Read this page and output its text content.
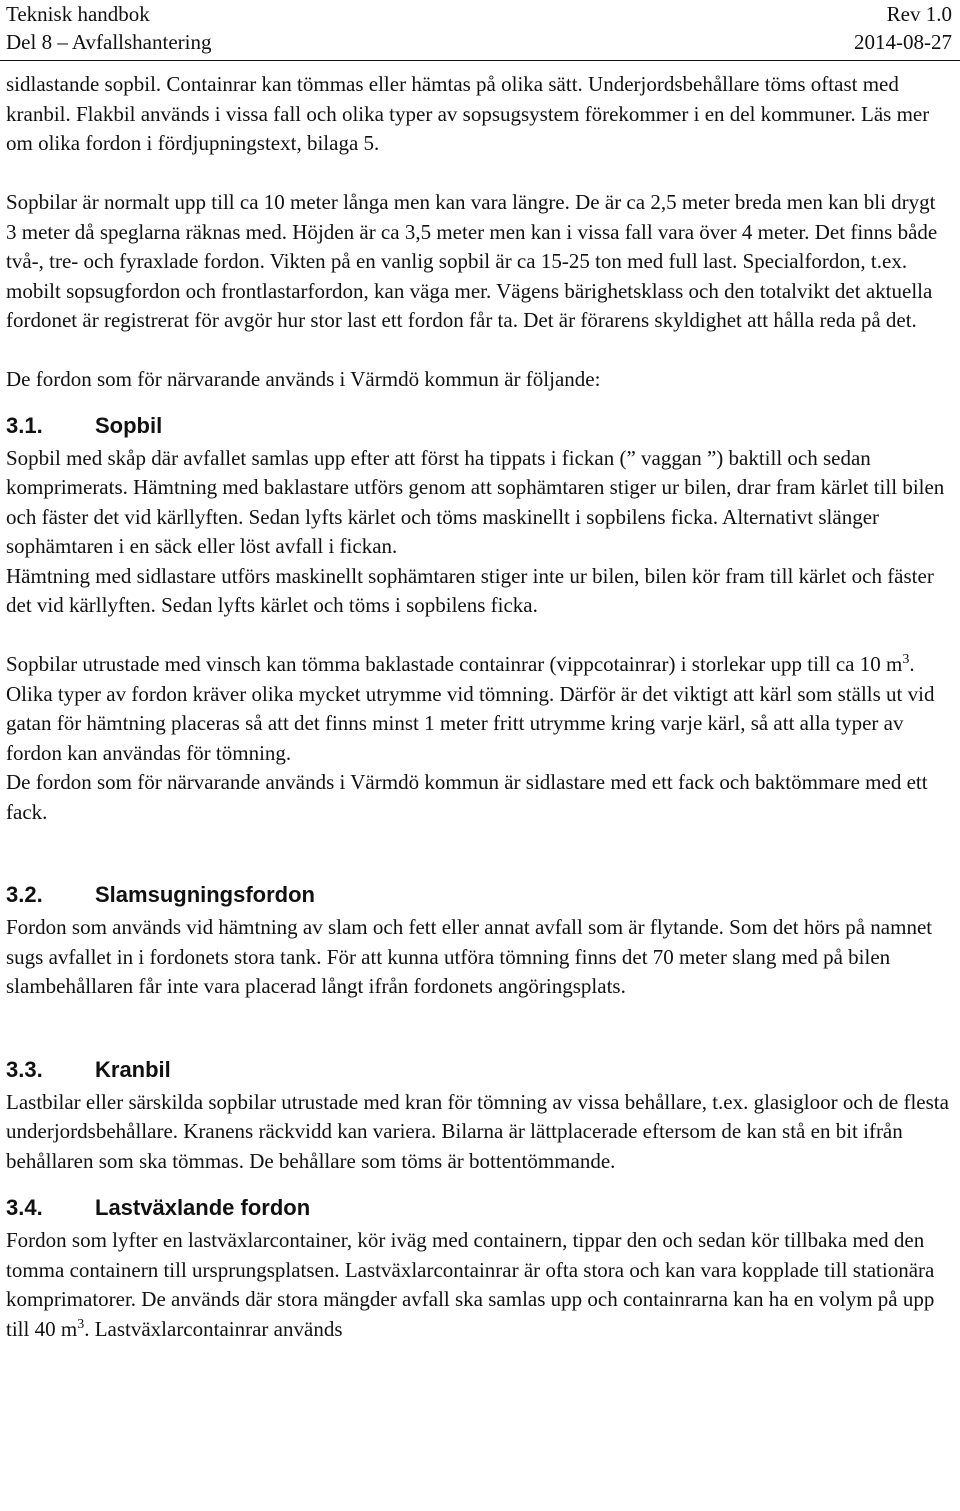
Teknisk handbok	Rev 1.0
Del 8 – Avfallshantering	2014-08-27

sidlastande sopbil. Containrar kan tömmas eller hämtas på olika sätt. Underjordsbehållare töms oftast med kranbil. Flakbil används i vissa fall och olika typer av sopsugsystem förekommer i en del kommuner. Läs mer om olika fordon i fördjupningstext, bilaga 5.

Sopbilar är normalt upp till ca 10 meter långa men kan vara längre. De är ca 2,5 meter breda men kan bli drygt 3 meter då speglarna räknas med. Höjden är ca 3,5 meter men kan i vissa fall vara över 4 meter. Det finns både två-, tre- och fyraxlade fordon. Vikten på en vanlig sopbil är ca 15-25 ton med full last. Specialfordon, t.ex. mobilt sopsugfordon och frontlastarfordon, kan väga mer. Vägens bärighetsklass och den totalvikt det aktuella fordonet är registrerat för avgör hur stor last ett fordon får ta. Det är förarens skyldighet att hålla reda på det.

De fordon som för närvarande används i Värmdö kommun är följande:

3.1.	Sopbil

Sopbil med skåp där avfallet samlas upp efter att först ha tippats i fickan (” vaggan ”) baktill och sedan komprimerats. Hämtning med baklastare utförs genom att sophämtaren stiger ur bilen, drar fram kärlet till bilen och fäster det vid kärllyften. Sedan lyfts kärlet och töms maskinellt i sopbilens ficka. Alternativt slänger sophämtaren i en säck eller löst avfall i fickan.

Hämtning med sidlastare utförs maskinellt sophämtaren stiger inte ur bilen, bilen kör fram till kärlet och fäster det vid kärllyften. Sedan lyfts kärlet och töms i sopbilens ficka.

Sopbilar utrustade med vinsch kan tömma baklastade containrar (vippcotainrar) i storlekar upp till ca 10 $m^3$. Olika typer av fordon kräver olika mycket utrymme vid tömning. Därför är det viktigt att kärl som ställs ut vid gatan för hämtning placeras så att det finns minst 1 meter fritt utrymme kring varje kärl, så att alla typer av fordon kan användas för tömning.

De fordon som för närvarande används i Värmdö kommun är sidlastare med ett fack och baktömmare med ett fack.

3.2.	Slamsugningsfordon

Fordon som används vid hämtning av slam och fett eller annat avfall som är flytande. Som det hörs på namnet sugs avfallet in i fordonets stora tank. För att kunna utföra tömning finns det 70 meter slang med på bilen slambehållaren får inte vara placerad långt ifrån fordonets angöringsplats.

3.3.	Kranbil

Lastbilar eller särskilda sopbilar utrustade med kran för tömning av vissa behållare, t.ex. glasigloor och de flesta underjordsbehållare. Kranens räckvidd kan variera. Bilarna är lättplacerade eftersom de kan stå en bit ifrån behållaren som ska tömmas. De behållare som töms är bottentömmande.

3.4.	Lastväxlande fordon

Fordon som lyfter en lastväxlarcontainer, kör iväg med containern, tippar den och sedan kör tillbaka med den tomma containern till ursprungsplatsen. Lastväxlarcontainrar är ofta stora och kan vara kopplade till stationära komprimatorer. De används där stora mängder avfall ska samlas upp och containrarna kan ha en volym på upp till 40 $m^3$. Lastväxlarcontainrar används
